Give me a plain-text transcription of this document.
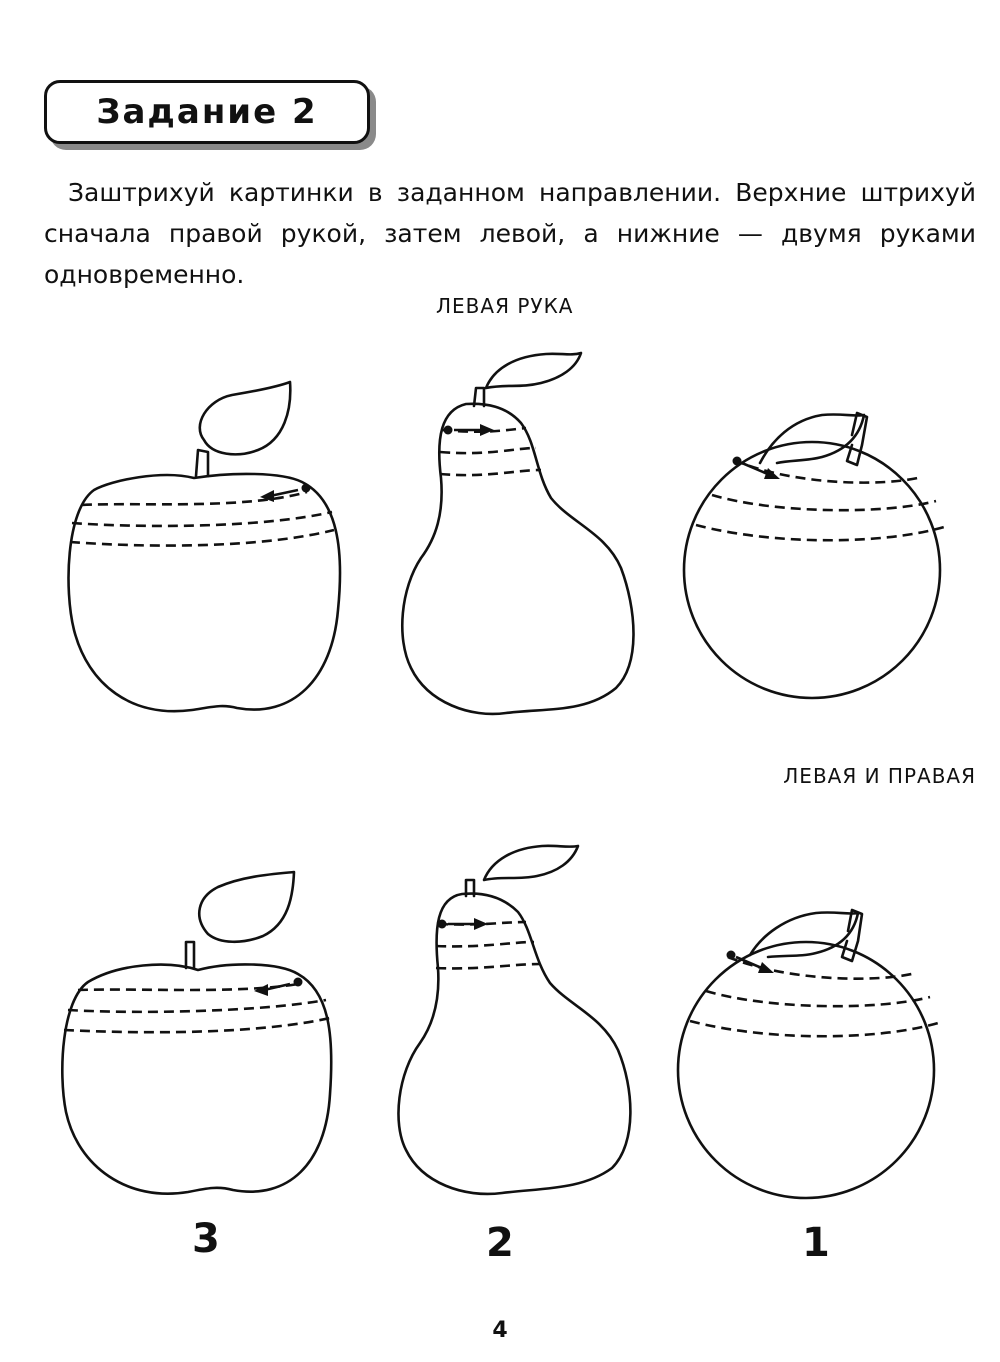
Задание 2
Заштрихуй картинки в заданном направлении. Верхние штрихуй сначала правой рукой, затем левой, а нижние — двумя руками одновременно.
ЛЕВАЯ РУКА
ЛЕВАЯ И ПРАВАЯ
3	2	1
4
